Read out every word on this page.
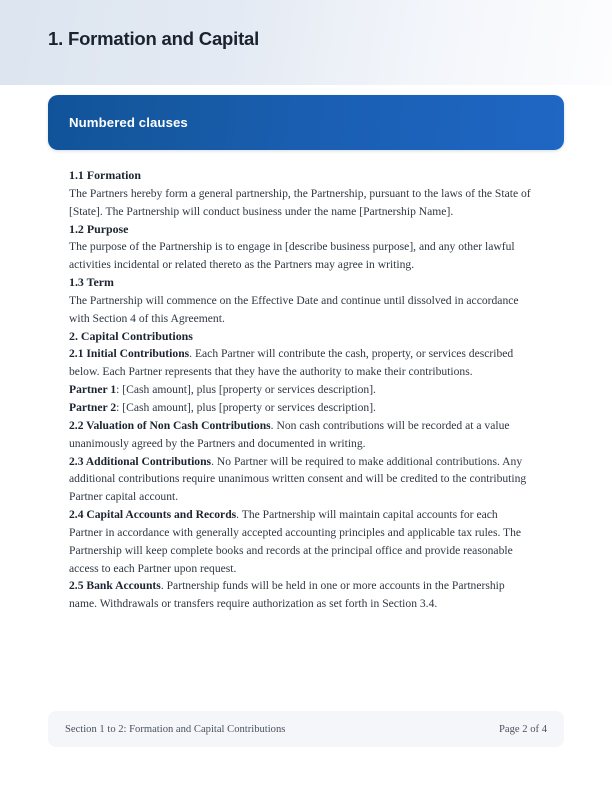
1. Formation and Capital
Numbered clauses
1.1 Formation
The Partners hereby form a general partnership, the Partnership, pursuant to the laws of the State of [State]. The Partnership will conduct business under the name [Partnership Name].
1.2 Purpose
The purpose of the Partnership is to engage in [describe business purpose], and any other lawful activities incidental or related thereto as the Partners may agree in writing.
1.3 Term
The Partnership will commence on the Effective Date and continue until dissolved in accordance with Section 4 of this Agreement.
2. Capital Contributions
2.1 Initial Contributions. Each Partner will contribute the cash, property, or services described below. Each Partner represents that they have the authority to make their contributions.
Partner 1: [Cash amount], plus [property or services description].
Partner 2: [Cash amount], plus [property or services description].
2.2 Valuation of Non Cash Contributions. Non cash contributions will be recorded at a value unanimously agreed by the Partners and documented in writing.
2.3 Additional Contributions. No Partner will be required to make additional contributions. Any additional contributions require unanimous written consent and will be credited to the contributing Partner capital account.
2.4 Capital Accounts and Records. The Partnership will maintain capital accounts for each Partner in accordance with generally accepted accounting principles and applicable tax rules. The Partnership will keep complete books and records at the principal office and provide reasonable access to each Partner upon request.
2.5 Bank Accounts. Partnership funds will be held in one or more accounts in the Partnership name. Withdrawals or transfers require authorization as set forth in Section 3.4.
Section 1 to 2: Formation and Capital Contributions	Page 2 of 4
